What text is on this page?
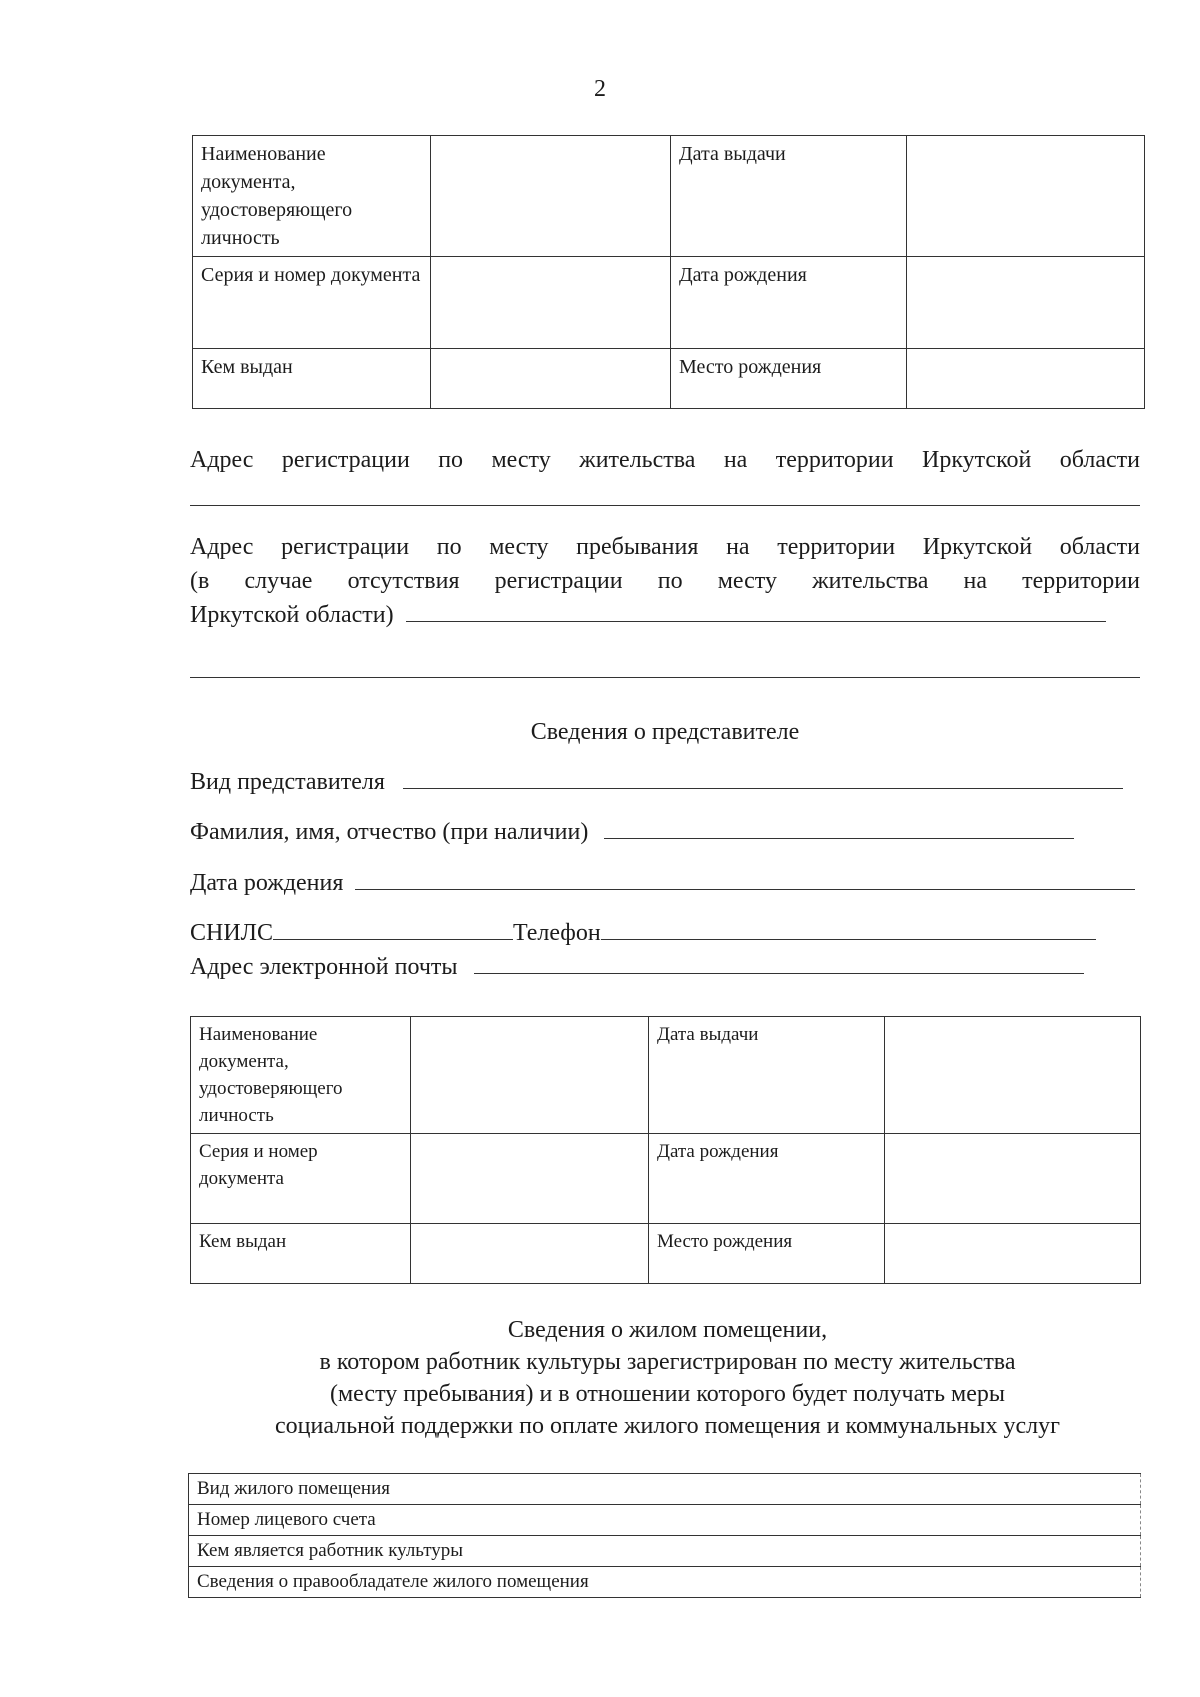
2
Наименование документа, удостоверяющего личность		Дата выдачи	

Серия и номер документа		Дата рождения	

Кем выдан		Место рождения	

Адрес регистрации по месту жительства на территории Иркутской области
Адрес регистрации по месту пребывания на территории Иркутской области
(в случае отсутствия регистрации по месту жительства на территории
Иркутской области)
Сведения о представителе
Вид представителя
Фамилия, имя, отчество (при наличии)
Дата рождения
СНИЛС	Телефон
Адрес электронной почты
Наименование документа, удостоверяющего личность		Дата выдачи	

Серия и номер документа		Дата рождения	

Кем выдан		Место рождения	

Сведения о жилом помещении,
в котором работник культуры зарегистрирован по месту жительства
(месту пребывания) и в отношении которого будет получать меры
социальной поддержки по оплате жилого помещения и коммунальных услуг
Вид жилого помещения	

Номер лицевого счета	

Кем является работник культуры	

Сведения о правообладателе жилого помещения	
